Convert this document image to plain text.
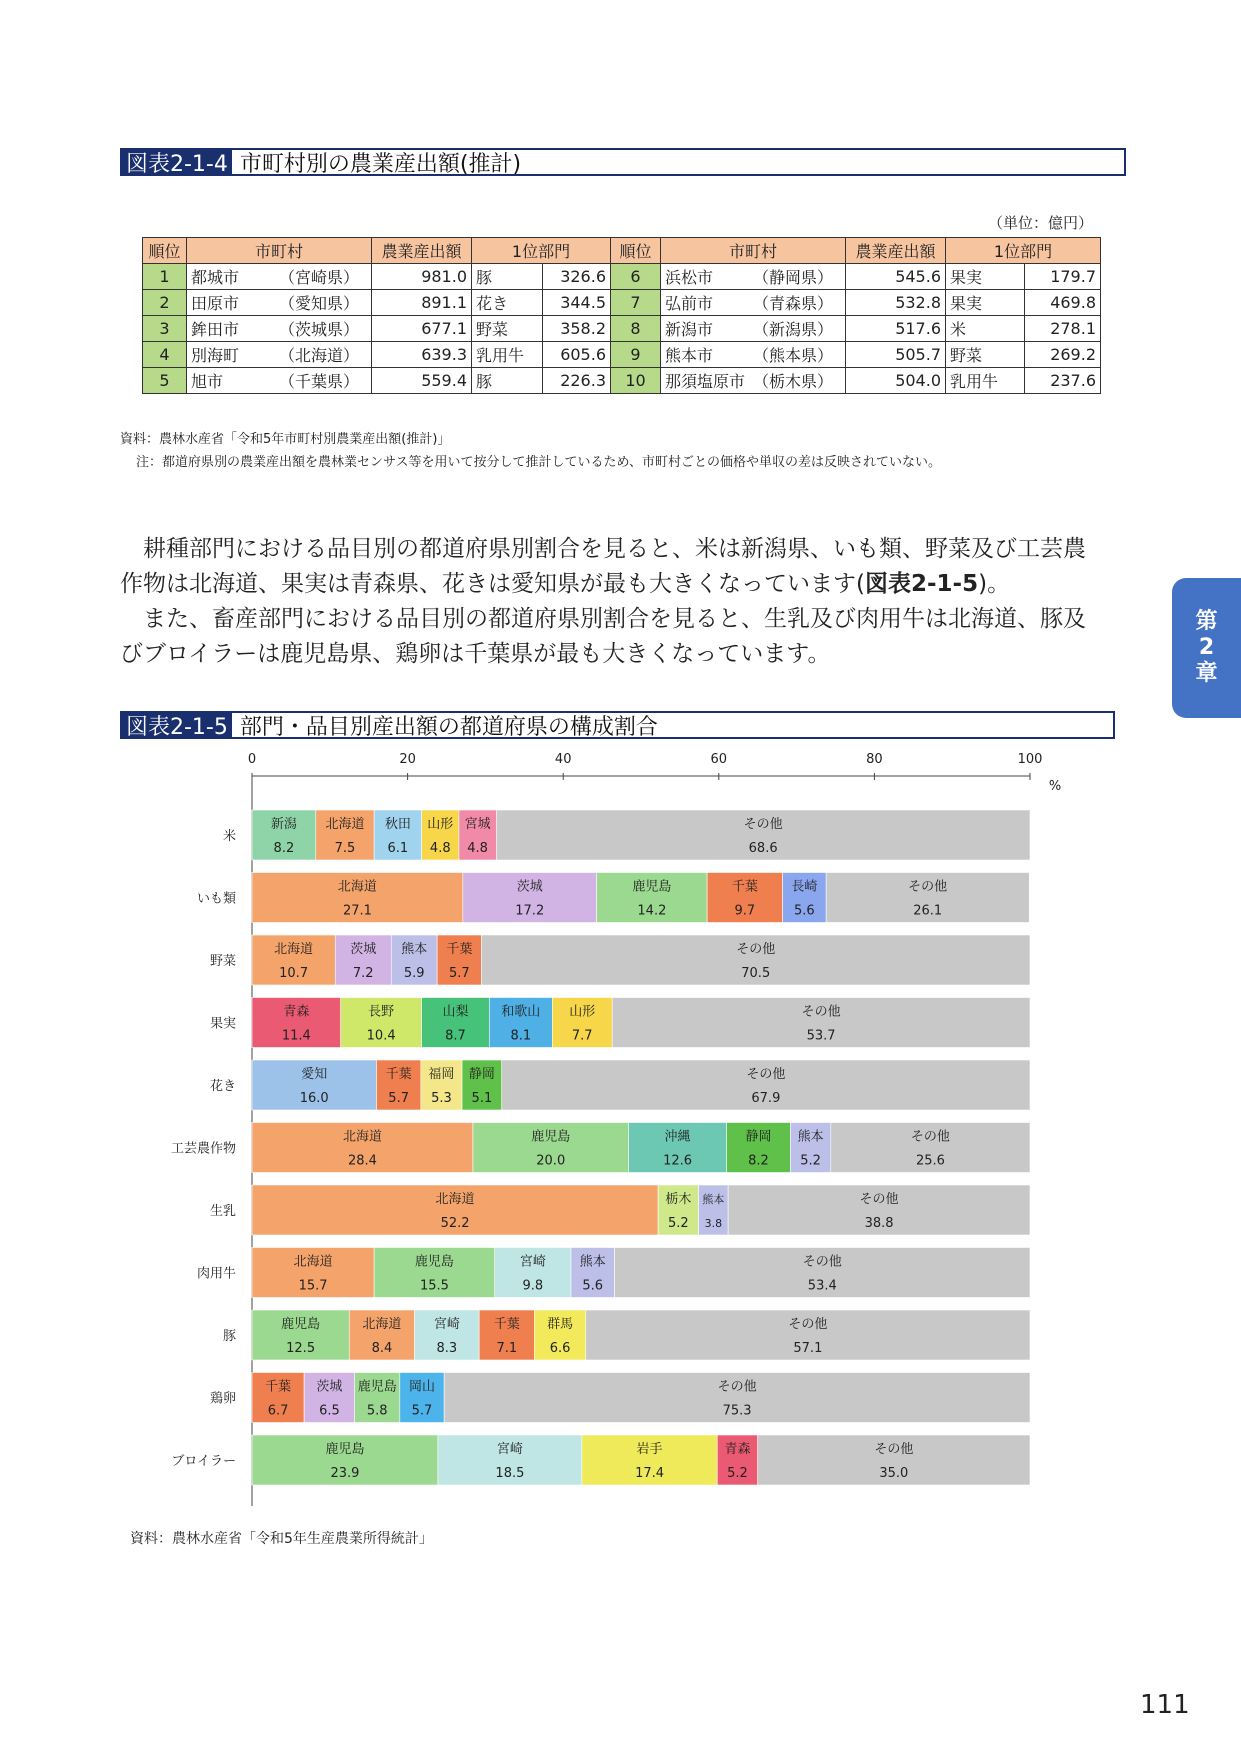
図表2-1-4 市町村別の農業産出額(推計)
（単位：億円）
順位	市町村	農業産出額	1位部門		順位	市町村	農業産出額	1位部門	
1	都城市 （宮崎県）	981.0	豚	326.6	6	浜松市 （静岡県）	545.6	果実	179.7
2	田原市 （愛知県）	891.1	花き	344.5	7	弘前市 （青森県）	532.8	果実	469.8
3	鉾田市 （茨城県）	677.1	野菜	358.2	8	新潟市 （新潟県）	517.6	米	278.1
4	別海町 （北海道）	639.3	乳用牛	605.6	9	熊本市 （熊本県）	505.7	野菜	269.2
5	旭市 （千葉県）	559.4	豚	226.3	10	那須塩原市 （栃木県）	504.0	乳用牛	237.6
資料：農林水産省「令和5年市町村別農業産出額(推計)」
注：都道府県別の農業産出額を農林業センサス等を用いて按分して推計しているため、市町村ごとの価格や単収の差は反映されていない。

耕種部門における品目別の都道府県別割合を見ると、米は新潟県、いも類、野菜及び工芸農作物は北海道、果実は青森県、花きは愛知県が最も大きくなっています(図表2-1-5)。

また、畜産部門における品目別の都道府県別割合を見ると、生乳及び肉用牛は北海道、豚及びブロイラーは鹿児島県、鶏卵は千葉県が最も大きくなっています。

第
2
章
図表2-1-5 部門・品目別産出額の都道府県の構成割合
0	20	40	60	80	100
%
米
新潟
8.2
北海道
7.5
秋田
6.1
山形
4.8
宮城
4.8
その他
68.6
いも類
北海道
27.1
茨城
17.2
鹿児島
14.2
千葉
9.7
長崎
5.6
その他
26.1
野菜
北海道
10.7
茨城
7.2
熊本
5.9
千葉
5.7
その他
70.5
果実
青森
11.4
長野
10.4
山梨
8.7
和歌山
8.1
山形
7.7
その他
53.7
花き
愛知
16.0
千葉
5.7
福岡
5.3
静岡
5.1
その他
67.9
工芸農作物
北海道
28.4
鹿児島
20.0
沖縄
12.6
静岡
8.2
熊本
5.2
その他
25.6
生乳
北海道
52.2
栃木
5.2
熊本
3.8
その他
38.8
肉用牛
北海道
15.7
鹿児島
15.5
宮崎
9.8
熊本
5.6
その他
53.4
豚
鹿児島
12.5
北海道
8.4
宮崎
8.3
千葉
7.1
群馬
6.6
その他
57.1
鶏卵
千葉
6.7
茨城
6.5
鹿児島
5.8
岡山
5.7
その他
75.3
ブロイラー
鹿児島
23.9
宮崎
18.5
岩手
17.4
青森
5.2
その他
35.0
資料：農林水産省「令和5年生産農業所得統計」
111
